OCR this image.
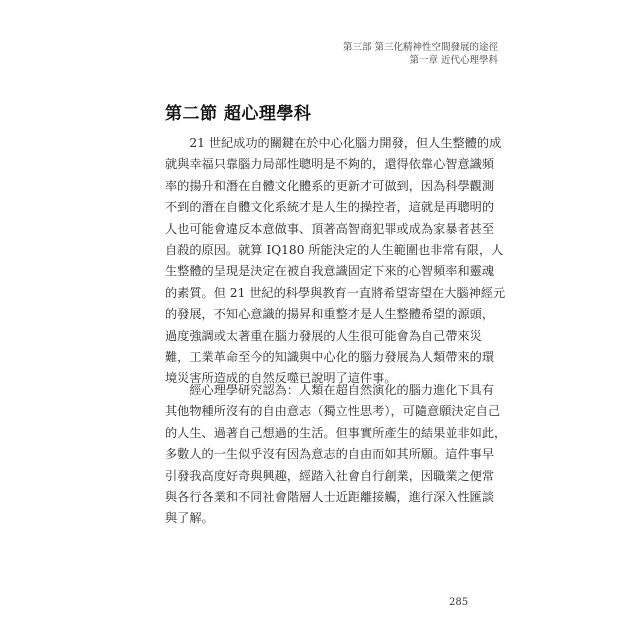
第三部 第三化精神性空間發展的途徑
第一章 近代心理學科
第二節 超心理學科
　　21 世紀成功的關鍵在於中心化腦力開發，但人生整體的成
就與幸福只靠腦力局部性聰明是不夠的，還得依靠心智意識頻
率的揚升和潛在自體文化體系的更新才可做到，因為科學觀測
不到的潛在自體文化系統才是人生的操控者，這就是再聰明的
人也可能會違反本意做事、頂著高智商犯罪或成為家暴者甚至
自殺的原因。就算 IQ180 所能決定的人生範圍也非常有限，人
生整體的呈現是決定在被自我意識固定下來的心智頻率和靈魂
的素質。但 21 世紀的科學與教育一直將希望寄望在大腦神經元
的發展，不知心意識的揚昇和重整才是人生整體希望的源頭，
過度強調或太著重在腦力發展的人生很可能會為自己帶來災
難，工業革命至今的知識與中心化的腦力發展為人類帶來的環
境災害所造成的自然反噬已說明了這件事。
　　經心理學研究認為：人類在超自然演化的腦力進化下具有
其他物種所沒有的自由意志（獨立性思考），可隨意願決定自己
的人生、過著自己想過的生活。但事實所產生的結果並非如此，
多數人的一生似乎沒有因為意志的自由而如其所願。這件事早
引發我高度好奇與興趣，經踏入社會自行創業，因職業之便常
與各行各業和不同社會階層人士近距離接觸，進行深入性匯談
與了解。
285
